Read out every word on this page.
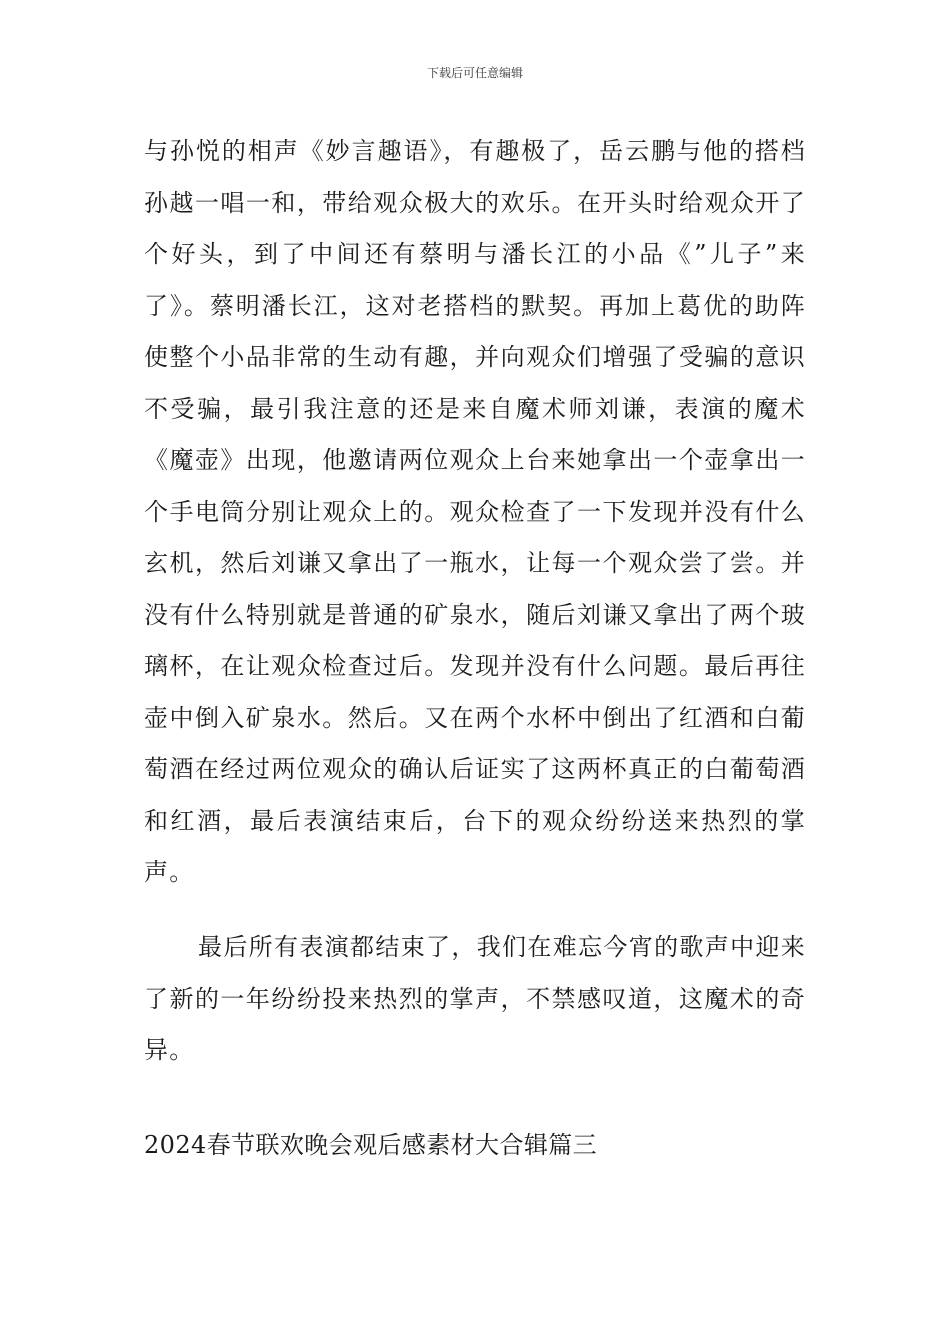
下载后可任意编辑

与孙悦的相声《妙言趣语》，有趣极了，岳云鹏与他的搭档孙越一唱一和，带给观众极大的欢乐。在开头时给观众开了个好头，到了中间还有蔡明与潘长江的小品《”儿子”来了》。蔡明潘长江，这对老搭档的默契。再加上葛优的助阵使整个小品非常的生动有趣，并向观众们增强了受骗的意识不受骗，最引我注意的还是来自魔术师刘谦，表演的魔术《魔壶》出现，他邀请两位观众上台来她拿出一个壶拿出一个手电筒分别让观众上的。观众检查了一下发现并没有什么玄机，然后刘谦又拿出了一瓶水，让每一个观众尝了尝。并没有什么特别就是普通的矿泉水，随后刘谦又拿出了两个玻璃杯，在让观众检查过后。发现并没有什么问题。最后再往壶中倒入矿泉水。然后。又在两个水杯中倒出了红酒和白葡萄酒在经过两位观众的确认后证实了这两杯真正的白葡萄酒和红酒，最后表演结束后，台下的观众纷纷送来热烈的掌声。

最后所有表演都结束了，我们在难忘今宵的歌声中迎来了新的一年纷纷投来热烈的掌声，不禁感叹道，这魔术的奇异。

2024春节联欢晚会观后感素材大合辑篇三
